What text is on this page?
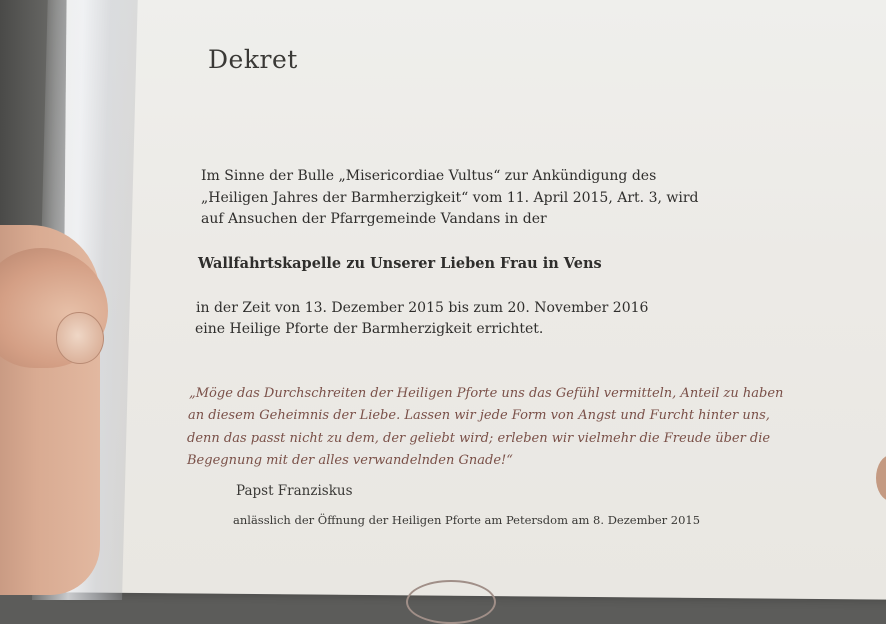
Dekret
Im Sinne der Bulle „Misericordiae Vultus“ zur Ankündigung des
„Heiligen Jahres der Barmherzigkeit“ vom 11. April 2015, Art. 3, wird
auf Ansuchen der Pfarrgemeinde Vandans in der
Wallfahrtskapelle zu Unserer Lieben Frau in Vens
in der Zeit von 13. Dezember 2015 bis zum 20. November 2016
eine Heilige Pforte der Barmherzigkeit errichtet.
„Möge das Durchschreiten der Heiligen Pforte uns das Gefühl vermitteln, Anteil zu haben
an diesem Geheimnis der Liebe. Lassen wir jede Form von Angst und Furcht hinter uns,
denn das passt nicht zu dem, der geliebt wird; erleben wir vielmehr die Freude über die
Begegnung mit der alles verwandelnden Gnade!“
Papst Franziskus
anlässlich der Öffnung der Heiligen Pforte am Petersdom am 8. Dezember 2015
